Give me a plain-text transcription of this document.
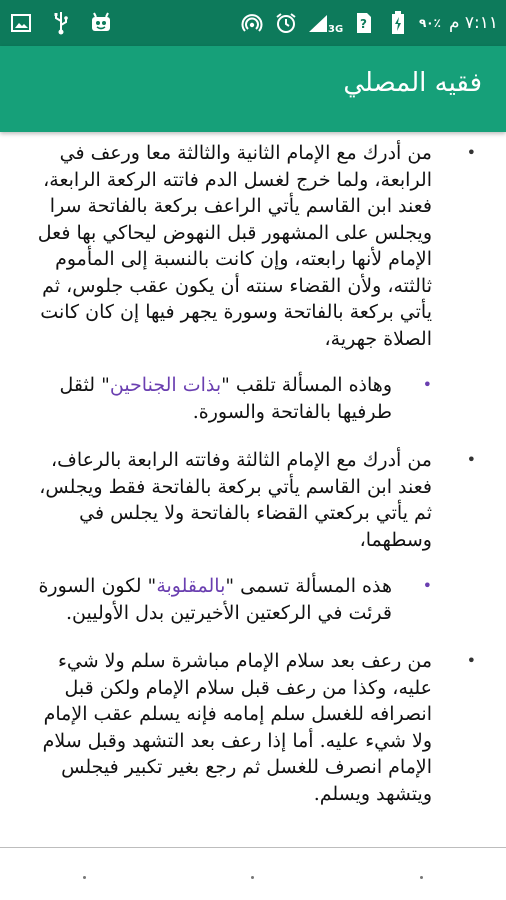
3G ?	٩٠٪ ٧:١١ م
فقيه المصلي

•
من أدرك مع الإمام الثانية والثالثة معا ورعف في الرابعة، ولما خرج لغسل الدم فاتته الركعة الرابعة، فعند ابن القاسم يأتي الراعف بركعة بالفاتحة سرا ويجلس على المشهور قبل النهوض ليحاكي بها فعل الإمام لأنها رابعته، وإن كانت بالنسبة إلى المأموم ثالثته، ولأن القضاء سنته أن يكون عقب جلوس، ثم يأتي بركعة بالفاتحة وسورة يجهر فيها إن كان كانت الصلاة جهرية،

•
وهاذه المسألة تلقب "بذات الجناحين" لثقل طرفيها بالفاتحة والسورة.

•
من أدرك مع الإمام الثالثة وفاتته الرابعة بالرعاف، فعند ابن القاسم يأتي بركعة بالفاتحة فقط ويجلس، ثم يأتي بركعتي القضاء بالفاتحة ولا يجلس في وسطهما،

•
هذه المسألة تسمى "بالمقلوبة" لكون السورة قرئت في الركعتين الأخيرتين بدل الأوليين.

•
من رعف بعد سلام الإمام مباشرة سلم ولا شيء عليه، وكذا من رعف قبل سلام الإمام ولكن قبل انصرافه للغسل سلم إمامه فإنه يسلم عقب الإمام ولا شيء عليه. أما إذا رعف بعد التشهد وقبل سلام الإمام انصرف للغسل ثم رجع بغير تكبير فيجلس ويتشهد ويسلم.
